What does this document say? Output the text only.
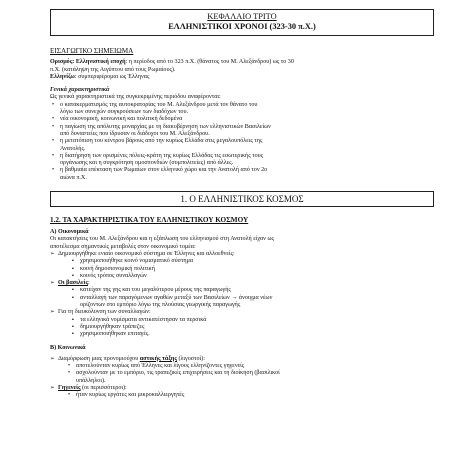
ΚΕΦΑΛΑΙΟ ΤΡΙΤΟ
ΕΛΛΗΝΙΣΤΙΚΟΙ ΧΡΟΝΟΙ (323-30 π.Χ.)
ΕΙΣΑΓΩΓΙΚΟ ΣΗΜΕΙΩΜΑ

Ορισμός: Ελληνιστική εποχή: η περίοδος από το 323 π.Χ. (θάνατος του Μ. Αλεξάνδρου) ως το 30

π.Χ. (κατάληψη της Αιγύπτου από τους Ρωμαίους).

Ελληνίζω: συμπεριφέρομαι ως Έλληνας

Γενικά χαρακτηριστικά

Ως γενικά χαρακτηριστικά της συγκεκριμένης περιόδου αναφέρονται:

• ο κατακερματισμός της αυτοκρατορίας του Μ. Αλεξάνδρου μετά τον θάνατο του
λόγω των συνεχών συγκρούσεων των διαδόχων του.
• νέα οικονομική, κοινωνική και πολιτική δεδομένα
• η παγίωση της απόλυτης μοναρχίας με τη διακυβέρνηση των ελληνιστικών Βασιλείων
από δυναστείες που ίδρυσαν οι διάδοχοι του Μ. Αλεξάνδρου.
• η μετατόπιση του κέντρου βάρους από την κυρίως Ελλάδα στις μεγαλουπόλεις της
Ανατολής.
• η διατήρηση των ορισμένες πόλεις-κράτη της κυρίως Ελλάδας τις εσωτερικής τους
οργάνωσης και η συγκρότηση ομοσπονδιών (συμπολιτείες) από άλλες.
• η βαθμιαία επέκταση των Ρωμαίων στον ελληνικό χώρο και την Ανατολή από τον 2ο
αιώνα π.Χ.
1. Ο ΕΛΛΗΝΙΣΤΙΚΟΣ ΚΟΣΜΟΣ
1.2. ΤΑ ΧΑΡΑΚΤΗΡΙΣΤΙΚΑ ΤΟΥ ΕΛΛΗΝΙΣΤΙΚΟΥ ΚΟΣΜΟΥ

Α) Οικονομικά

Οι κατακτήσεις του Μ. Αλεξάνδρου και η εξάπλωση του ελληνισμού στη Ανατολή είχαν ως

αποτέλεσμα σημαντικές μεταβολές στον οικονομικό τομέα:

➢ Δημιουργήθηκε ενιαίο οικονομικό σύστημα σε Έλληνες και αλλοεθνείς:

▪ χρησιμοποιήθηκε κοινό νομισματικό σύστημα

▪ κοινή δημοσιονομική πολιτική

▪ κοινός τρόπος συναλλαγών

➢ Οι βασιλείς:

▪ κατείχαν της γης και του μεγαλύτερου μέρους της παραγωγής

▪ ανταλλαγή των παραγόμενων αγαθών μεταξύ των Βασιλείων → άνοιγμα νέων

ορίζοντων στο εμπόριο λόγω της πλούσιας γεωργικής παραγωγής

➢ Για τη διευκόλυνση των συναλλαγών:

▪ τα ελληνικά νομίσματα αντικατέστησαν τα περσικά

▪ δημιουργήθηκαν τράπεζες

▪ χρησιμοποιήθηκαν επιταγές.

Β) Κοινωνικά

➢ Διαμόρφωση μιας προνομιούχου αστικής τάξης (λιγοστοί):

• αποτελούνταν κυρίως από Έλληνες και λίγους ελληνίζοντες γηγενείς

• ασχολούνταν με το εμπόριο, τις τραπεζικές επιχειρήσεις και τη διοίκηση (βασιλικοί

υπάλληλοι).

➢ Γηγενείς (οι περισσότεροι):

• ήταν κυρίως εργάτες και μικροκαλλιεργητές
